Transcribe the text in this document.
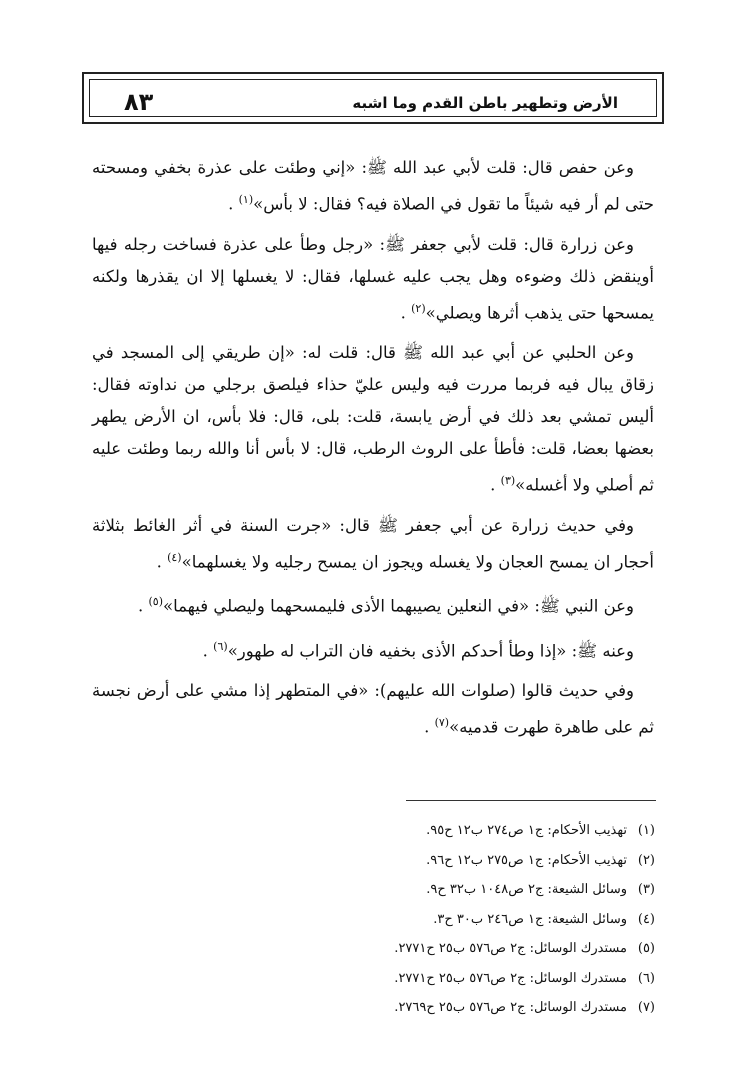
الأرض وتطهير باطن القدم وما اشبه
٨٣

وعن حفص قال: قلت لأبي عبد الله ﷺ: «إني وطئت على عذرة بخفي ومسحته حتى لم أر فيه شيئاً ما تقول في الصلاة فيه؟ فقال: لا بأس»$^{(١)}$ .

وعن زرارة قال: قلت لأبي جعفر ﷺ: «رجل وطأ على عذرة فساخت رجله فيها أوينقض ذلك وضوءه وهل يجب عليه غسلها، فقال: لا يغسلها إلا ان يقذرها ولكنه يمسحها حتى يذهب أثرها ويصلي»$^{(٢)}$ .

وعن الحلبي عن أبي عبد الله ﷺ قال: قلت له: «إن طريقي إلى المسجد في زقاق يبال فيه فربما مررت فيه وليس عليّ حذاء فيلصق برجلي من نداوته فقال: أليس تمشي بعد ذلك في أرض يابسة، قلت: بلى، قال: فلا بأس، ان الأرض يطهر بعضها بعضا، قلت: فأطأ على الروث الرطب، قال: لا بأس أنا والله ربما وطئت عليه ثم أصلي ولا أغسله»$^{(٣)}$ .

وفي حديث زرارة عن أبي جعفر ﷺ قال: «جرت السنة في أثر الغائط بثلاثة أحجار ان يمسح العجان ولا يغسله ويجوز ان يمسح رجليه ولا يغسلهما»$^{(٤)}$ .

وعن النبي ﷺ: «في النعلين يصيبهما الأذى فليمسحهما وليصلي فيهما»$^{(٥)}$ .

وعنه ﷺ: «إذا وطأ أحدكم الأذى بخفيه فان التراب له طهور»$^{(٦)}$ .

وفي حديث قالوا (صلوات الله عليهم): «في المتطهر إذا مشي على أرض نجسة ثم على طاهرة طهرت قدميه»$^{(٧)}$ .

(١)تهذيب الأحكام: ج١ ص٢٧٤ ب١٢ ح٩٥.
(٢)تهذيب الأحكام: ج١ ص٢٧٥ ب١٢ ح٩٦.
(٣)وسائل الشيعة: ج٢ ص١٠٤٨ ب٣٢ ح٩.
(٤)وسائل الشيعة: ج١ ص٢٤٦ ب٣٠ ح٣.
(٥)مستدرك الوسائل: ج٢ ص٥٧٦ ب٢٥ ح٢٧٧١.
(٦)مستدرك الوسائل: ج٢ ص٥٧٦ ب٢٥ ح٢٧٧١.
(٧)مستدرك الوسائل: ج٢ ص٥٧٦ ب٢٥ ح٢٧٦٩.
